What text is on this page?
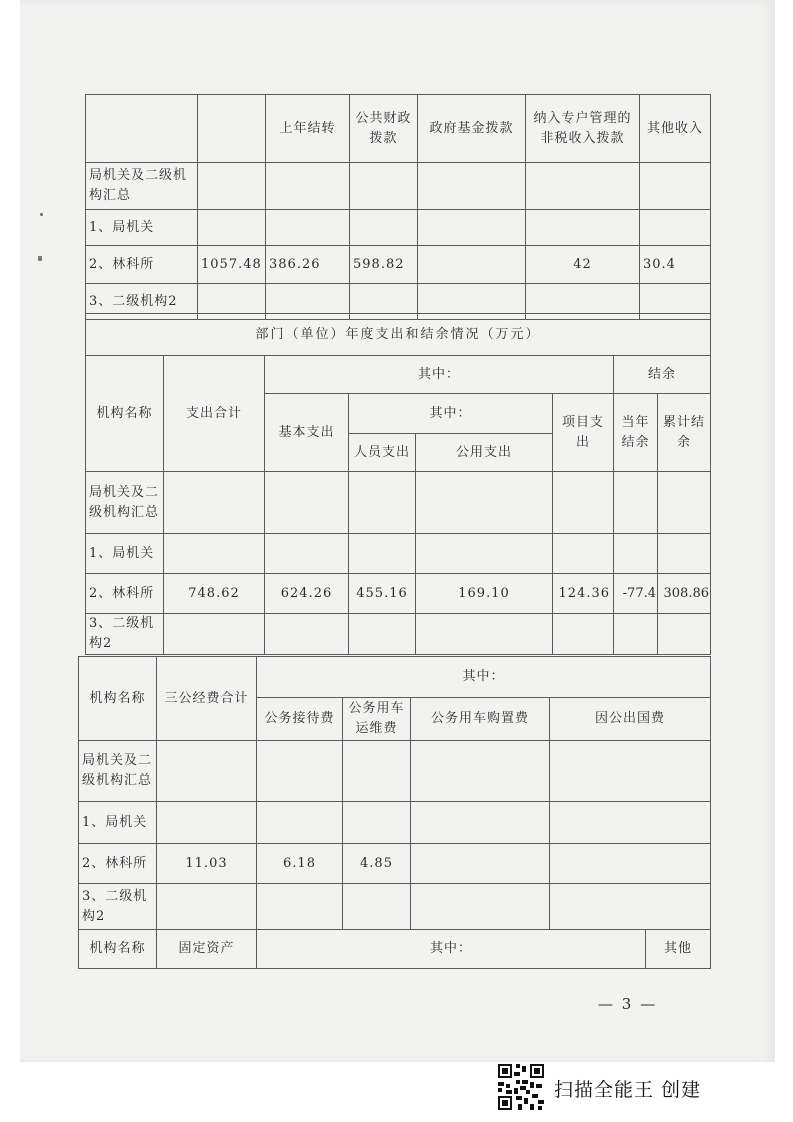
		上年结转	公共财政拨款	政府基金拨款	纳入专户管理的非税收入拨款	其他收入
局机关及二级机构汇总						
1、局机关						
2、林科所	1057.48	386.26	598.82		42	30.4
3、二级机构2						
部门（单位）年度支出和结余情况（万元）							
机构名称	支出合计	其中：				结余	
		基本支出	其中：		项目支出	当年结余	累计结余
			人员支出	公用支出			
局机关及二级机构汇总							
1、局机关							
2、林科所	748.62	624.26	455.16	169.10	124.36	-77.4	308.86
3、二级机构2							
机构名称	三公经费合计	其中：				
		公务接待费	公务用车运维费	公务用车购置费	因公出国费	
局机关及二级机构汇总						
1、局机关						
2、林科所	11.03	6.18	4.85			
3、二级机构2						
机构名称	固定资产	其中：				其他
— 3 —
扫描全能王 创建
